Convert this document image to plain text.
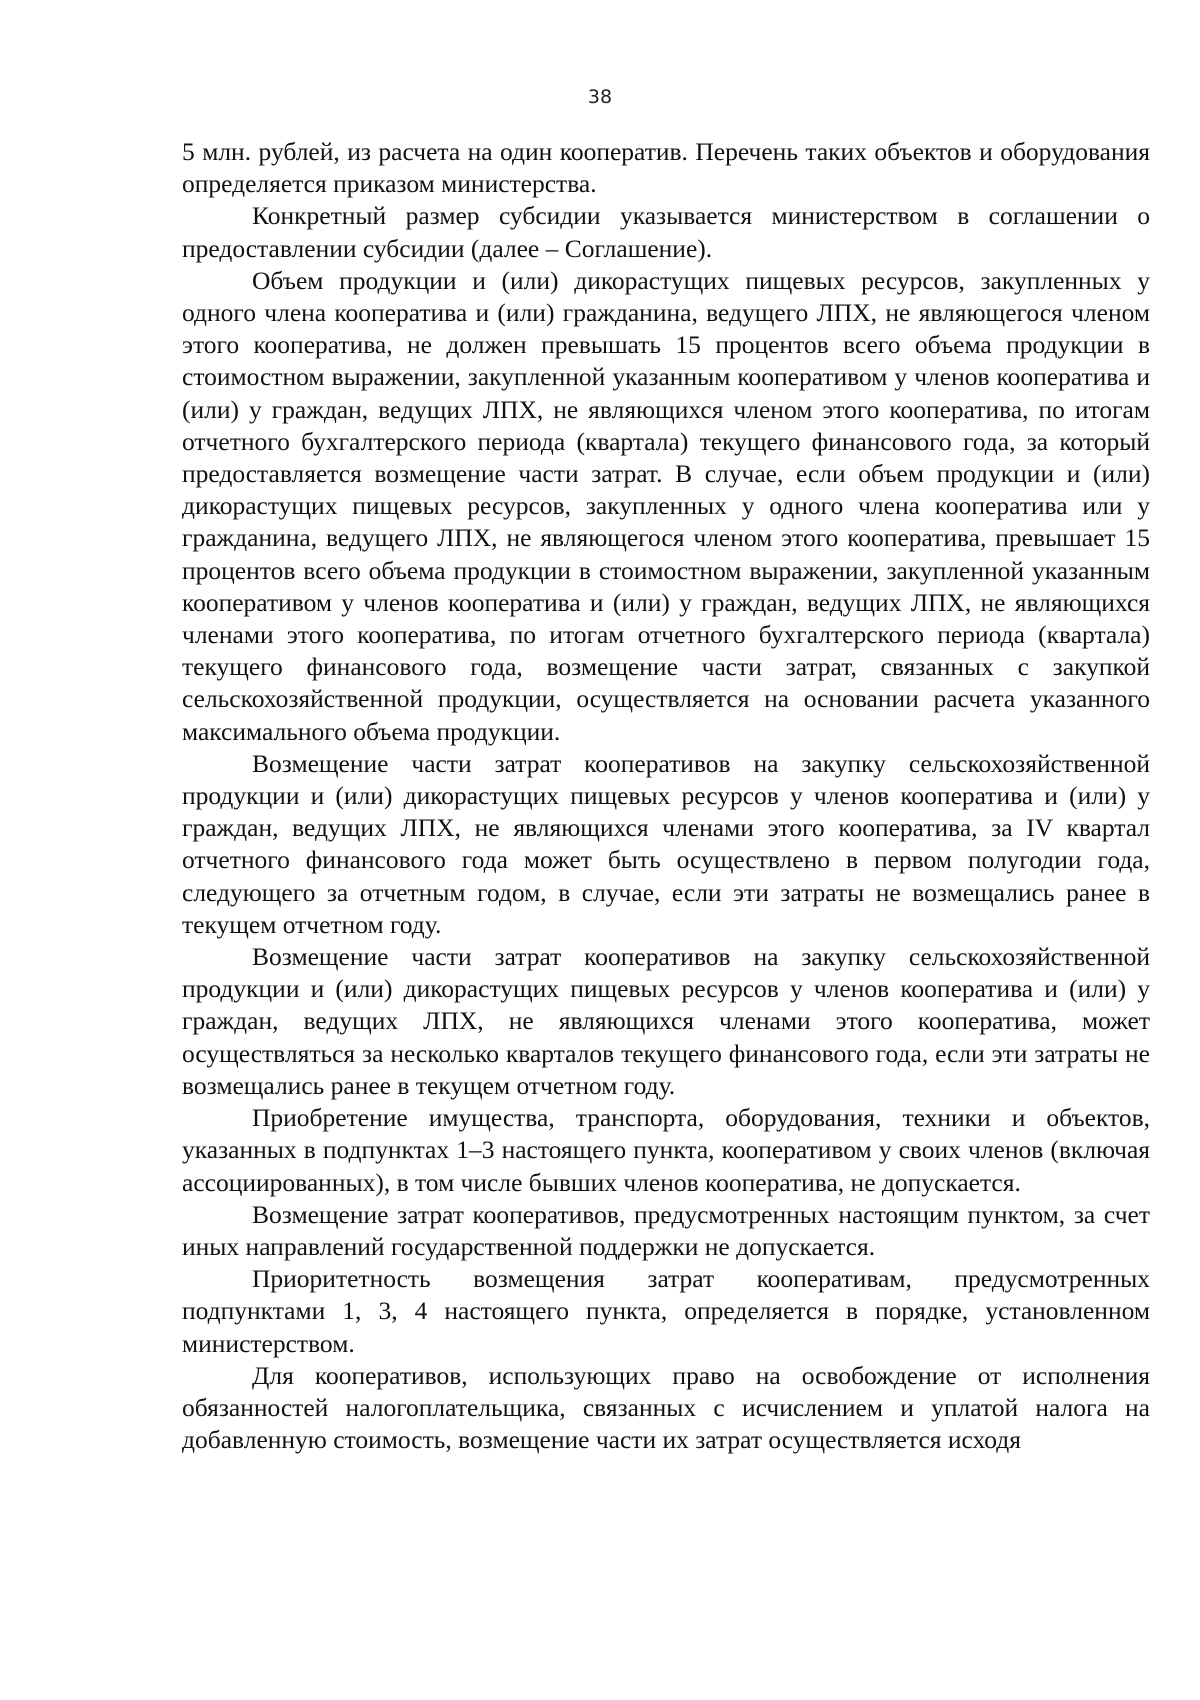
38

5 млн. рублей, из расчета на один кооператив. Перечень таких объектов и оборудования определяется приказом министерства.

Конкретный размер субсидии указывается министерством в соглашении о предоставлении субсидии (далее – Соглашение).

Объем продукции и (или) дикорастущих пищевых ресурсов, закупленных у одного члена кооператива и (или) гражданина, ведущего ЛПХ, не являющегося членом этого кооператива, не должен превышать 15 процентов всего объема продукции в стоимостном выражении, закупленной указанным кооперативом у членов кооператива и (или) у граждан, ведущих ЛПХ, не являющихся членом этого кооператива, по итогам отчетного бухгалтерского периода (квартала) текущего финансового года, за который предоставляется возмещение части затрат. В случае, если объем продукции и (или) дикорастущих пищевых ресурсов, закупленных у одного члена кооператива или у гражданина, ведущего ЛПХ, не являющегося членом этого кооператива, превышает 15 процентов всего объема продукции в стоимостном выражении, закупленной указанным кооперативом у членов кооператива и (или) у граждан, ведущих ЛПХ, не являющихся членами этого кооператива, по итогам отчетного бухгалтерского периода (квартала) текущего финансового года, возмещение части затрат, связанных с закупкой сельскохозяйственной продукции, осуществляется на основании расчета указанного максимального объема продукции.

Возмещение части затрат кооперативов на закупку сельскохозяйственной продукции и (или) дикорастущих пищевых ресурсов у членов кооператива и (или) у граждан, ведущих ЛПХ, не являющихся членами этого кооператива, за IV квартал отчетного финансового года может быть осуществлено в первом полугодии года, следующего за отчетным годом, в случае, если эти затраты не возмещались ранее в текущем отчетном году.

Возмещение части затрат кооперативов на закупку сельскохозяйственной продукции и (или) дикорастущих пищевых ресурсов у членов кооператива и (или) у граждан, ведущих ЛПХ, не являющихся членами этого кооператива, может осуществляться за несколько кварталов текущего финансового года, если эти затраты не возмещались ранее в текущем отчетном году.

Приобретение имущества, транспорта, оборудования, техники и объектов, указанных в подпунктах 1–3 настоящего пункта, кооперативом у своих членов (включая ассоциированных), в том числе бывших членов кооператива, не допускается.

Возмещение затрат кооперативов, предусмотренных настоящим пунктом, за счет иных направлений государственной поддержки не допускается.

Приоритетность возмещения затрат кооперативам, предусмотренных подпунктами 1, 3, 4 настоящего пункта, определяется в порядке, установленном министерством.

Для кооперативов, использующих право на освобождение от исполнения обязанностей налогоплательщика, связанных с исчислением и уплатой налога на добавленную стоимость, возмещение части их затрат осуществляется исходя
